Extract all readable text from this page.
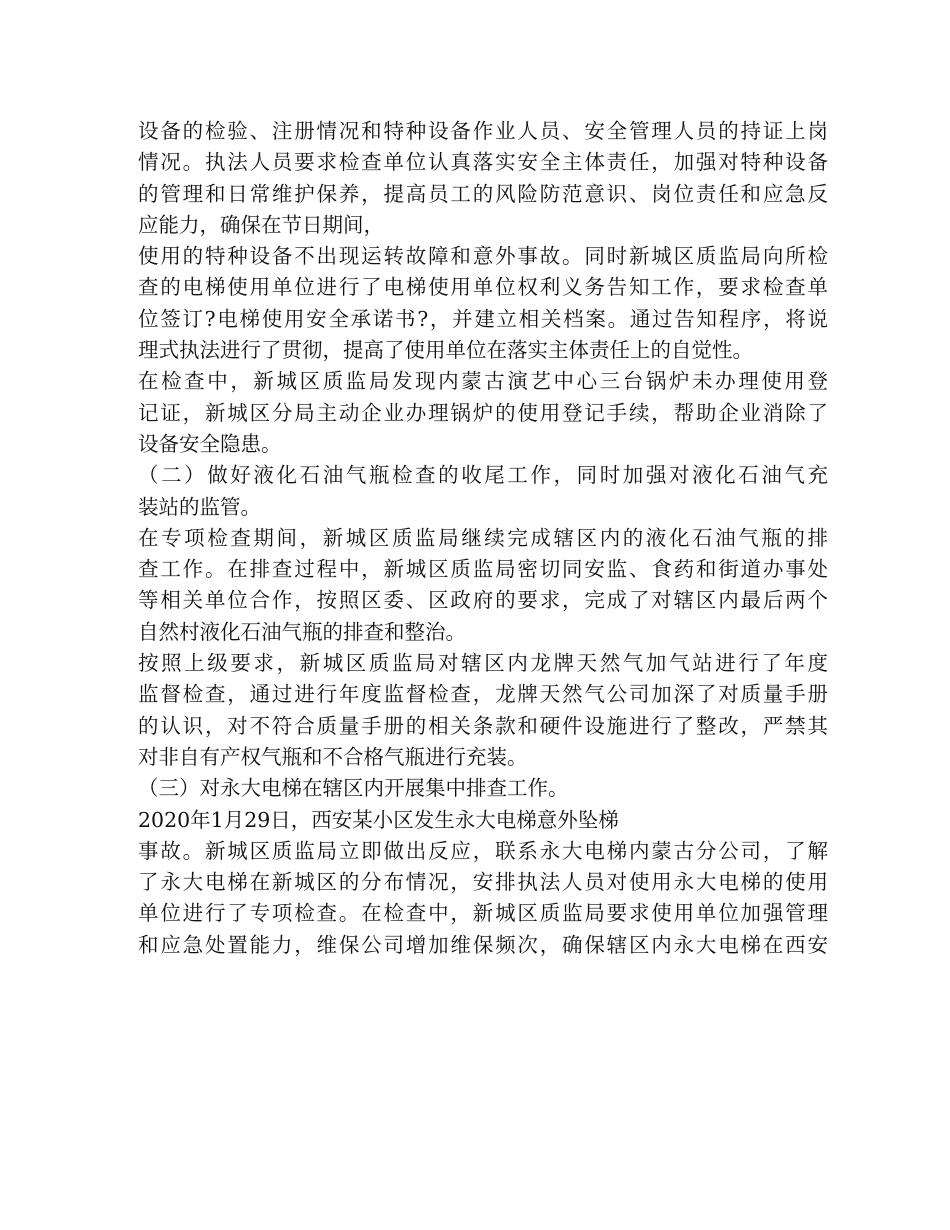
设备的检验、注册情况和特种设备作业人员、安全管理人员的持证上岗
情况。执法人员要求检查单位认真落实安全主体责任，加强对特种设备
的管理和日常维护保养，提高员工的风险防范意识、岗位责任和应急反
应能力，确保在节日期间，
使用的特种设备不出现运转故障和意外事故。同时新城区质监局向所检
查的电梯使用单位进行了电梯使用单位权利义务告知工作，要求检查单
位签订?电梯使用安全承诺书?，并建立相关档案。通过告知程序，将说
理式执法进行了贯彻，提高了使用单位在落实主体责任上的自觉性。
在检查中，新城区质监局发现内蒙古演艺中心三台锅炉未办理使用登
记证，新城区分局主动企业办理锅炉的使用登记手续，帮助企业消除了
设备安全隐患。
（二）做好液化石油气瓶检查的收尾工作，同时加强对液化石油气充
装站的监管。
在专项检查期间，新城区质监局继续完成辖区内的液化石油气瓶的排
查工作。在排查过程中，新城区质监局密切同安监、食药和街道办事处
等相关单位合作，按照区委、区政府的要求，完成了对辖区内最后两个
自然村液化石油气瓶的排查和整治。
按照上级要求，新城区质监局对辖区内龙牌天然气加气站进行了年度
监督检查，通过进行年度监督检查，龙牌天然气公司加深了对质量手册
的认识，对不符合质量手册的相关条款和硬件设施进行了整改，严禁其
对非自有产权气瓶和不合格气瓶进行充装。
（三）对永大电梯在辖区内开展集中排查工作。
2020年1月29日，西安某小区发生永大电梯意外坠梯
事故。新城区质监局立即做出反应，联系永大电梯内蒙古分公司，了解
了永大电梯在新城区的分布情况，安排执法人员对使用永大电梯的使用
单位进行了专项检查。在检查中，新城区质监局要求使用单位加强管理
和应急处置能力，维保公司增加维保频次，确保辖区内永大电梯在西安
